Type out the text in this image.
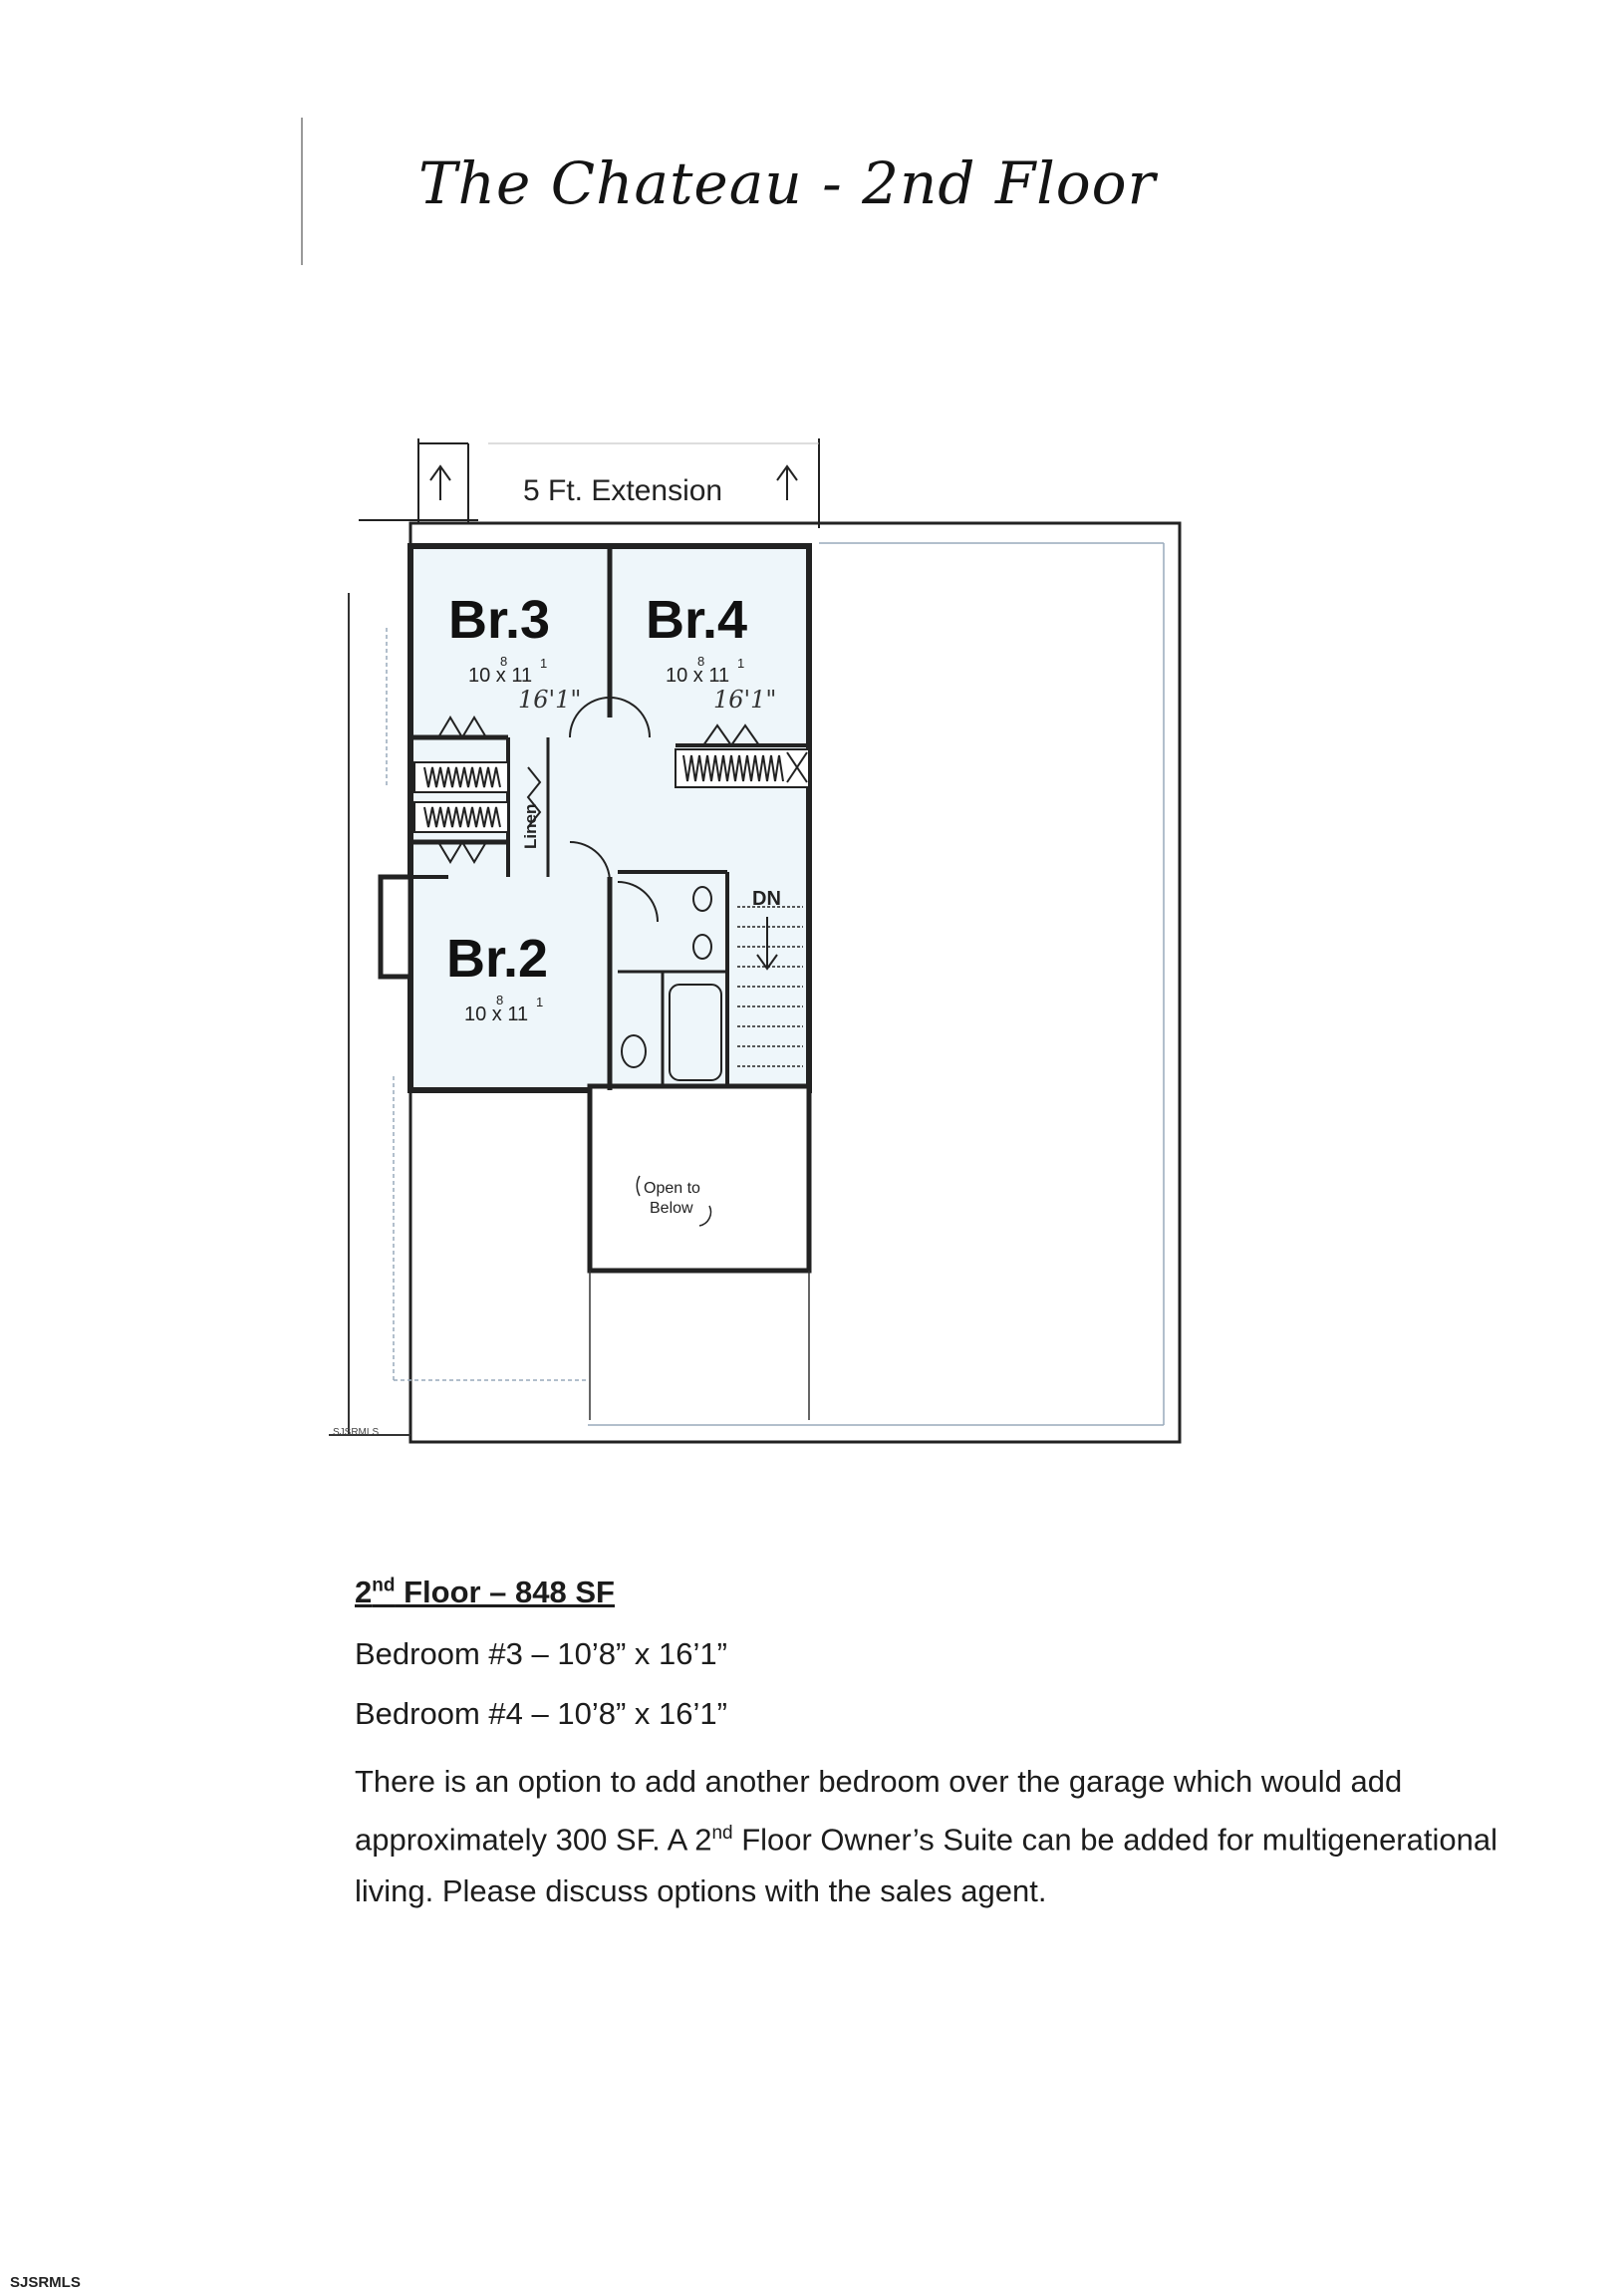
The Chateau - 2nd Floor
5 Ft. Extension
DN
Br.3
10 x 11
8	1
16'1"
Br.4
10 x 11
8	1
16'1"
Br.2
10 x 11
8	1
Linen
Open to
Below
SJSRMLS

2nd Floor – 848 SF

Bedroom #3 – 10’8” x 16’1”

Bedroom #4 – 10’8” x 16’1”

There is an option to add another bedroom over the garage which would add approximately 300 SF. A 2nd Floor Owner’s Suite can be added for multigenerational living. Please discuss options with the sales agent.

SJSRMLS
